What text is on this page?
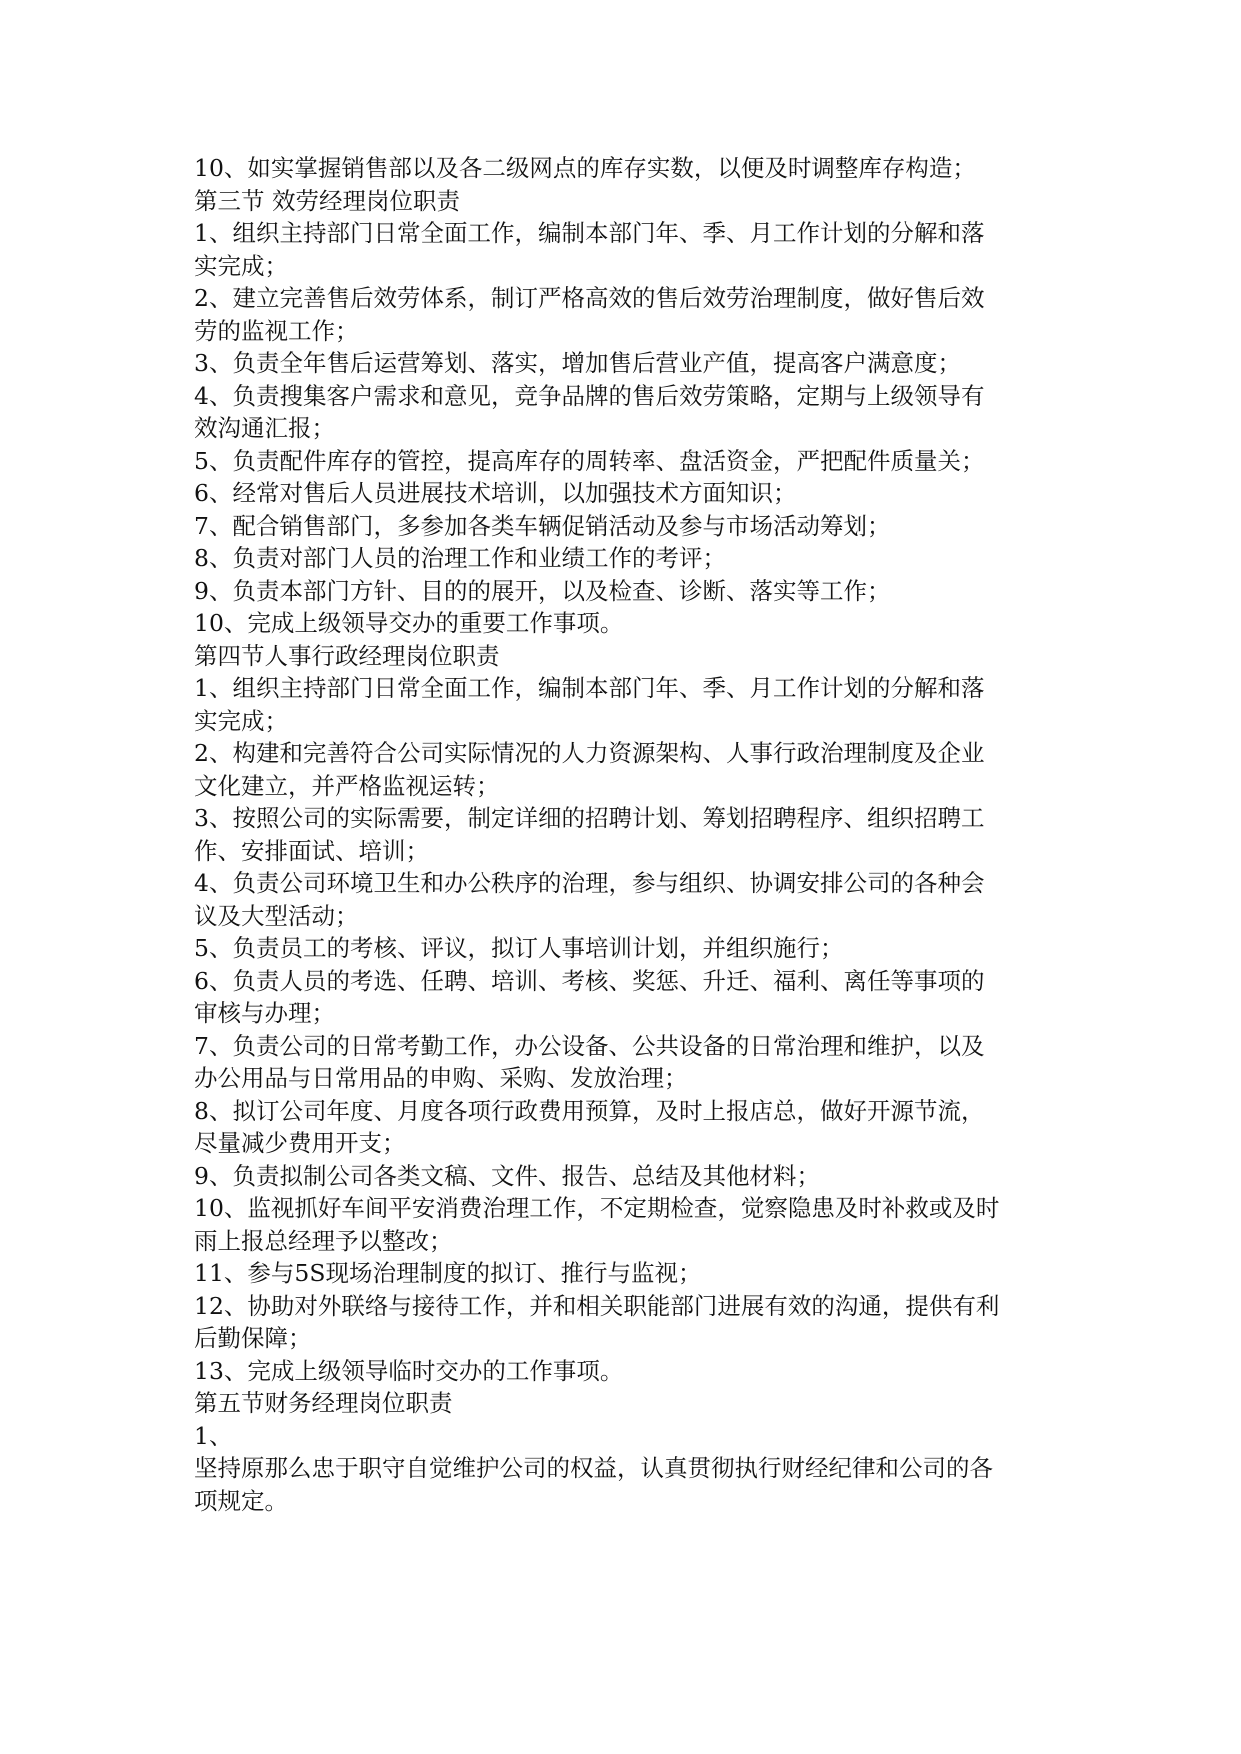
10、如实掌握销售部以及各二级网点的库存实数，以便及时调整库存构造；
第三节 效劳经理岗位职责
1、组织主持部门日常全面工作，编制本部门年、季、月工作计划的分解和落
实完成；
2、建立完善售后效劳体系，制订严格高效的售后效劳治理制度，做好售后效
劳的监视工作；
3、负责全年售后运营筹划、落实，增加售后营业产值，提高客户满意度；
4、负责搜集客户需求和意见，竞争品牌的售后效劳策略，定期与上级领导有
效沟通汇报；
5、负责配件库存的管控，提高库存的周转率、盘活资金，严把配件质量关；
6、经常对售后人员进展技术培训，以加强技术方面知识；
7、配合销售部门，多参加各类车辆促销活动及参与市场活动筹划；
8、负责对部门人员的治理工作和业绩工作的考评；
9、负责本部门方针、目的的展开，以及检查、诊断、落实等工作；
10、完成上级领导交办的重要工作事项。
第四节人事行政经理岗位职责
1、组织主持部门日常全面工作，编制本部门年、季、月工作计划的分解和落
实完成；
2、构建和完善符合公司实际情况的人力资源架构、人事行政治理制度及企业
文化建立，并严格监视运转；
3、按照公司的实际需要，制定详细的招聘计划、筹划招聘程序、组织招聘工
作、安排面试、培训；
4、负责公司环境卫生和办公秩序的治理，参与组织、协调安排公司的各种会
议及大型活动；
5、负责员工的考核、评议，拟订人事培训计划，并组织施行；
6、负责人员的考选、任聘、培训、考核、奖惩、升迁、福利、离任等事项的
审核与办理；
7、负责公司的日常考勤工作，办公设备、公共设备的日常治理和维护，以及
办公用品与日常用品的申购、采购、发放治理；
8、拟订公司年度、月度各项行政费用预算，及时上报店总，做好开源节流，
尽量减少费用开支；
9、负责拟制公司各类文稿、文件、报告、总结及其他材料；
10、监视抓好车间平安消费治理工作，不定期检查，觉察隐患及时补救或及时
雨上报总经理予以整改；
11、参与5S现场治理制度的拟订、推行与监视；
12、协助对外联络与接待工作，并和相关职能部门进展有效的沟通，提供有利
后勤保障；
13、完成上级领导临时交办的工作事项。
第五节财务经理岗位职责
1、
坚持原那么忠于职守自觉维护公司的权益，认真贯彻执行财经纪律和公司的各
项规定。
